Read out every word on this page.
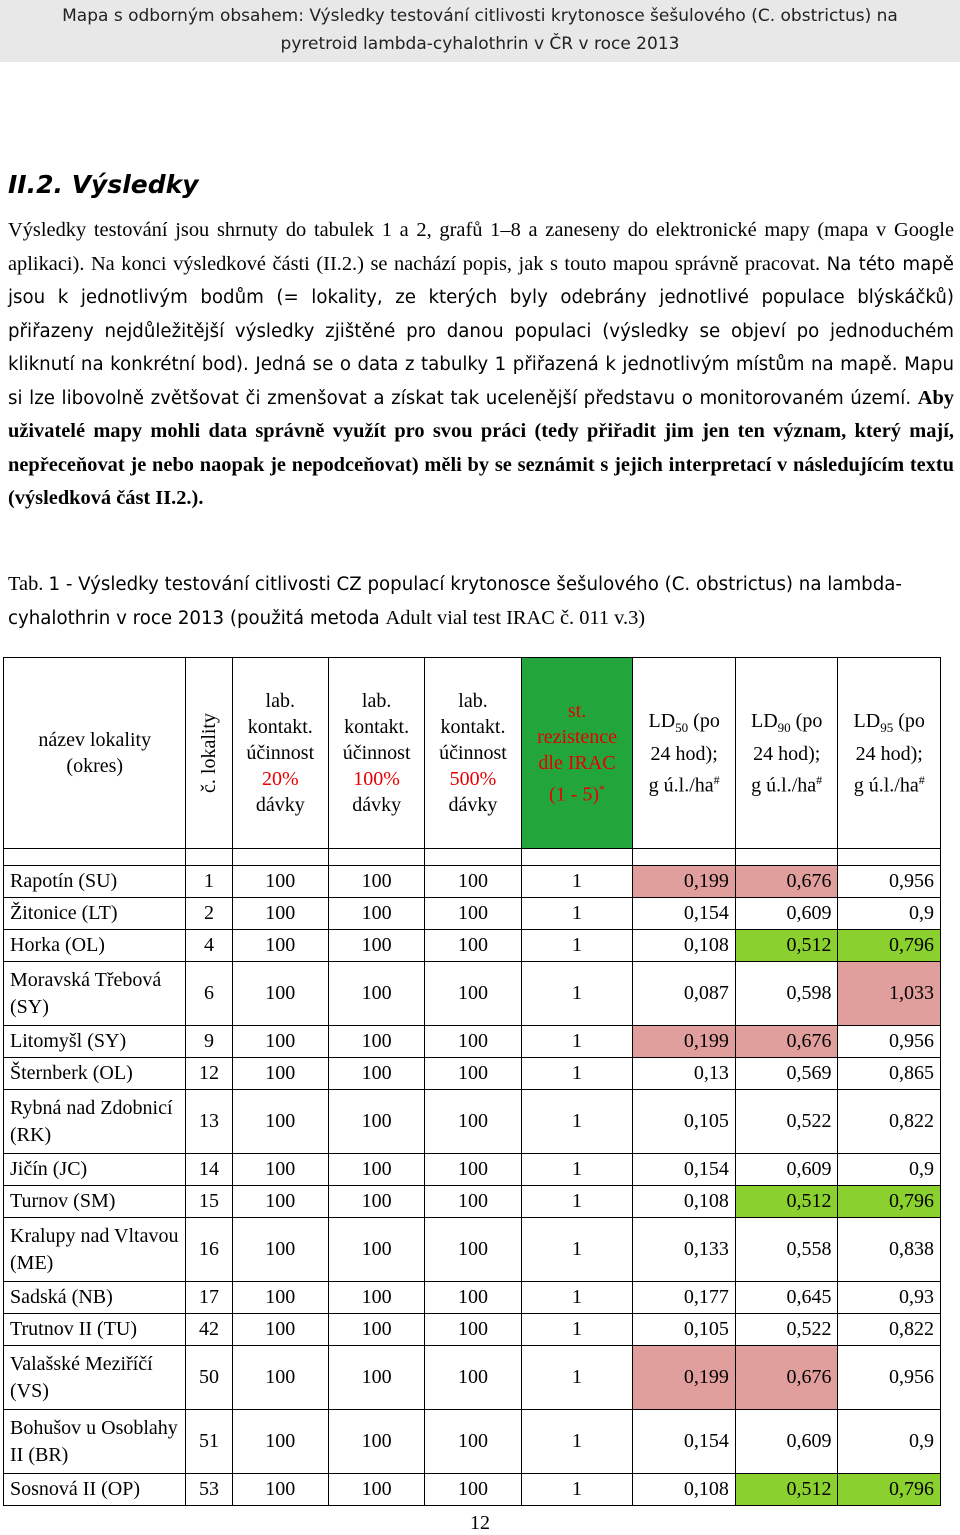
Mapa s odborným obsahem: Výsledky testování citlivosti krytonosce šešulového (C. obstrictus) na
pyretroid lambda-cyhalothrin v ČR v roce 2013
II.2. Výsledky

Výsledky testování jsou shrnuty do tabulek 1 a 2, grafů 1–8 a zaneseny do elektronické mapy (mapa v Google aplikaci). Na konci výsledkové části (II.2.) se nachází popis, jak s touto mapou správně pracovat. Na této mapě jsou k jednotlivým bodům (= lokality, ze kterých byly odebrány jednotlivé populace blýskáčků) přiřazeny nejdůležitější výsledky zjištěné pro danou populaci (výsledky se objeví po jednoduchém kliknutí na konkrétní bod). Jedná se o data z tabulky 1 přiřazená k jednotlivým místům na mapě. Mapu si lze libovolně zvětšovat či zmenšovat a získat tak ucelenější představu o monitorovaném území. Aby uživatelé mapy mohli data správně využít pro svou práci (tedy přiřadit jim jen ten význam, který mají, nepřeceňovat je nebo naopak je nepodceňovat) měli by se seznámit s jejich interpretací v následujícím textu (výsledková část II.2.).

Tab. 1 - Výsledky testování citlivosti CZ populací krytonosce šešulového (C. obstrictus) na lambda-cyhalothrin v roce 2013 (použitá metoda Adult vial test IRAC č. 011 v.3)

název lokality
(okres)	č. lokality	lab.
kontakt.
účinnost
20%
dávky	lab.
kontakt.
účinnost
100%
dávky	lab.
kontakt.
účinnost
500%
dávky	st.
rezistence
dle IRAC
(1 - 5)*	$LD_{50}$ (po
24 hod);
g ú.l./ha#	$LD_{90}$ (po
24 hod);
g ú.l./ha#	$LD_{95}$ (po
24 hod);
g ú.l./ha#

Rapotín (SU)	1	100	100	100	1	0,199	0,676	0,956
Žitonice (LT)	2	100	100	100	1	0,154	0,609	0,9
Horka (OL)	4	100	100	100	1	0,108	0,512	0,796
Moravská Třebová (SY)	6	100	100	100	1	0,087	0,598	1,033
Litomyšl (SY)	9	100	100	100	1	0,199	0,676	0,956
Šternberk (OL)	12	100	100	100	1	0,13	0,569	0,865
Rybná nad Zdobnicí (RK)	13	100	100	100	1	0,105	0,522	0,822
Jičín (JC)	14	100	100	100	1	0,154	0,609	0,9
Turnov (SM)	15	100	100	100	1	0,108	0,512	0,796
Kralupy nad Vltavou (ME)	16	100	100	100	1	0,133	0,558	0,838
Sadská (NB)	17	100	100	100	1	0,177	0,645	0,93
Trutnov II (TU)	42	100	100	100	1	0,105	0,522	0,822
Valašské Meziříčí (VS)	50	100	100	100	1	0,199	0,676	0,956
Bohušov u Osoblahy II (BR)	51	100	100	100	1	0,154	0,609	0,9
Sosnová II (OP)	53	100	100	100	1	0,108	0,512	0,796
12
